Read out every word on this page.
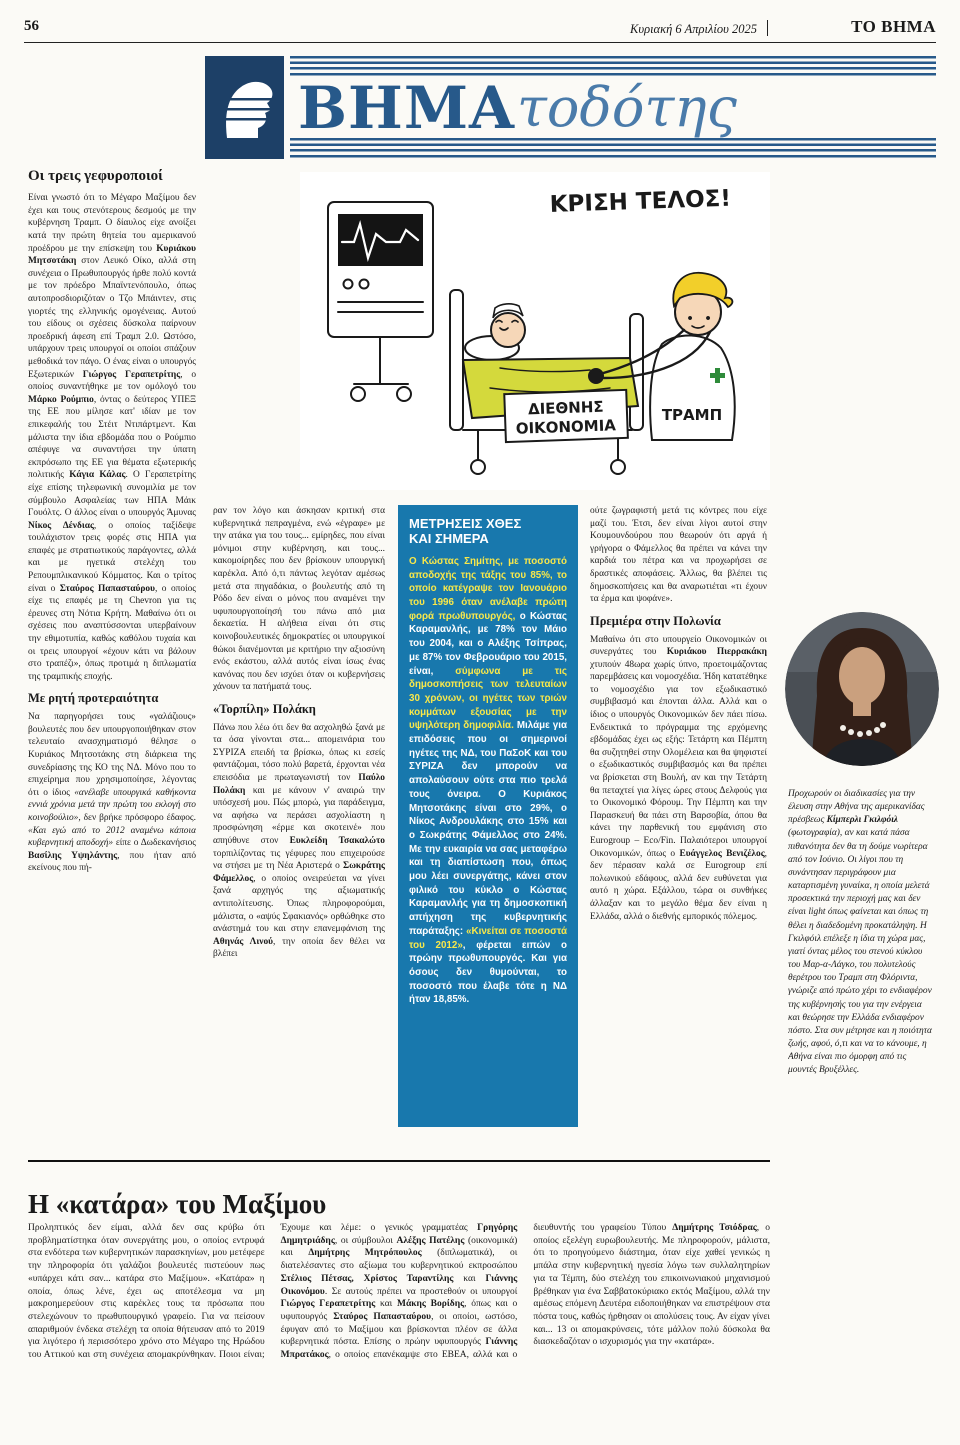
56	Κυριακή 6 Απριλίου 2025	ΤΟ ΒΗΜΑ
ΒΗΜΑ τοδότης
Οι τρεις γεφυροποιοί

Είναι γνωστό ότι το Μέγαρο Μαξίμου δεν έχει και τους στενότερους δεσμούς με την κυβέρνηση Τραμπ. Ο δίαυλος είχε ανοίξει κατά την πρώτη θητεία του αμερικανού προέδρου με την επίσκεψη του Κυριάκου Μητσοτάκη στον Λευκό Οίκο, αλλά στη συνέχεια ο Πρωθυπουργός ήρθε πολύ κοντά με τον πρόεδρο Μπαϊντενόπουλο, όπως αυτοπροσδιοριζόταν ο Τζο Μπάιντεν, στις γιορτές της ελληνικής ομογένειας. Αυτού του είδους οι σχέσεις δύσκολα παίρνουν προεδρική άφεση επί Τραμπ 2.0. Ωστόσο, υπάρχουν τρεις υπουργοί οι οποίοι σπάζουν μεθοδικά τον πάγο. Ο ένας είναι ο υπουργός Εξωτερικών Γιώργος Γεραπετρίτης, ο οποίος συναντήθηκε με τον ομόλογό του Μάρκο Ρούμπιο, όντας ο δεύτερος ΥΠΕΞ της ΕΕ που μίλησε κατ' ιδίαν με τον επικεφαλής του Στέιτ Ντιπάρτμεντ. Και μάλιστα την ίδια εβδομάδα που ο Ρούμπιο απέφυγε να συναντήσει την ύπατη εκπρόσωπο της ΕΕ για θέματα εξωτερικής πολιτικής Κάγια Κάλας. Ο Γεραπετρίτης είχε επίσης τηλεφωνική συνομιλία με τον σύμβουλο Ασφαλείας των ΗΠΑ Μάικ Γουόλτς. Ο άλλος είναι ο υπουργός Άμυνας Νίκος Δένδιας, ο οποίος ταξίδεψε τουλάχιστον τρεις φορές στις ΗΠΑ για επαφές με στρατιωτικούς παράγοντες, αλλά και με ηγετικά στελέχη του Ρεπουμπλικανικού Κόμματος. Και ο τρίτος είναι ο Σταύρος Παπασταύρου, ο οποίος είχε τις επαφές με τη Chevron για τις έρευνες στη Νότια Κρήτη. Μαθαίνω ότι οι σχέσεις που αναπτύσσονται υπερβαίνουν την εθιμοτυπία, καθώς καθόλου τυχαία και οι τρεις υπουργοί «έχουν κάτι να βάλουν στο τραπέζι», όπως προτιμά η διπλωματία της τραμπικής εποχής.

Με ρητή προτεραιότητα

Να παρηγορήσει τους «γαλάζιους» βουλευτές που δεν υπουργοποιήθηκαν στον τελευταίο ανασχηματισμό θέλησε ο Κυριάκος Μητσοτάκης στη διάρκεια της συνεδρίασης της ΚΟ της ΝΔ. Μόνο που το επιχείρημα που χρησιμοποίησε, λέγοντας ότι ο ίδιος «ανέλαβε υπουργικά καθήκοντα εννιά χρόνια μετά την πρώτη του εκλογή στο κοινοβούλιο», δεν βρήκε πρόσφορο έδαφος. «Και εγώ από το 2012 αναμένω κάποια κυβερνητική αποδοχή» είπε ο Δωδεκανήσιος Βασίλης Υψηλάντης, που ήταν από εκείνους που πή-

ΚΡΙΣΗ ΤΕΛΟΣ!
ΔΙΕΘΝΗΣ
ΟΙΚΟΝΟΜΙΑ
ΤΡΑΜΠ

ραν τον λόγο και άσκησαν κριτική στα κυβερνητικά πεπραγμένα, ενώ «έγραφε» με την ατάκα για του τους... εμίρηδες, που είναι μόνιμοι στην κυβέρνηση, και τους... κακομοίρηδες που δεν βρίσκουν υπουργική καρέκλα. Από ό,τι πάντως λεγόταν αμέσως μετά στα πηγαδάκια, ο βουλευτής από τη Ρόδο δεν είναι ο μόνος που αναμένει την υφυπουργοποίησή του πάνω από μια δεκαετία. Η αλήθεια είναι ότι στις κοινοβουλευτικές δημοκρατίες οι υπουργικοί θώκοι διανέμονται με κριτήριο την αξιοσύνη ενός εκάστου, αλλά αυτός είναι ίσως ένας κανόνας που δεν ισχύει όταν οι κυβερνήσεις χάνουν τα πατήματά τους.

«Τορπίλη» Πολάκη

Πάνω που λέω ότι δεν θα ασχοληθώ ξανά με τα όσα γίνονται στα... απομεινάρια του ΣΥΡΙΖΑ επειδή τα βρίσκω, όπως κι εσείς φαντάζομαι, τόσο πολύ βαρετά, έρχονται νέα επεισόδια με πρωταγωνιστή τον Παύλο Πολάκη και με κάνουν ν' αναιρώ την υπόσχεσή μου. Πώς μπορώ, για παράδειγμα, να αφήσω να περάσει ασχολίαστη η προσφώνηση «έρμε και σκοτεινέ» που απηύθυνε στον Ευκλείδη Τσακαλώτο τορπιλίζοντας τις γέφυρες που επιχειρούσε να στήσει με τη Νέα Αριστερά ο Σωκράτης Φάμελλος, ο οποίος ονειρεύεται να γίνει ξανά αρχηγός της αξιωματικής αντιπολίτευσης. Όπως πληροφορούμαι, μάλιστα, ο «αψύς Σφακιανός» ορθώθηκε στο ανάστημά του και στην επανεμφάνιση της Αθηνάς Λινού, την οποία δεν θέλει να βλέπει

ΜΕΤΡΗΣΕΙΣ ΧΘΕΣ
ΚΑΙ ΣΗΜΕΡΑ
Ο Κώστας Σημίτης, με ποσοστό αποδοχής της τάξης του 85%, το οποίο κατέγραψε τον Ιανουάριο του 1996 όταν ανέλαβε πρώτη φορά πρωθυπουργός, ο Κώστας Καραμανλής, με 78% τον Μάιο του 2004, και ο Αλέξης Τσίπρας, με 87% τον Φεβρουάριο του 2015, είναι, σύμφωνα με τις δημοσκοπήσεις των τελευταίων 30 χρόνων, οι ηγέτες των τριών κομμάτων εξουσίας με την υψηλότερη δημοφιλία. Μιλάμε για επιδόσεις που οι σημερινοί ηγέτες της ΝΔ, του ΠαΣοΚ και του ΣΥΡΙΖΑ δεν μπορούν να απολαύσουν ούτε στα πιο τρελά τους όνειρα. Ο Κυριάκος Μητσοτάκης είναι στο 29%, ο Νίκος Ανδρουλάκης στο 15% και ο Σωκράτης Φάμελλος στο 24%. Με την ευκαιρία να σας μεταφέρω και τη διαπίστωση που, όπως μου λέει συνεργάτης, κάνει στον φιλικό του κύκλο ο Κώστας Καραμανλής για τη δημοσκοπική απήχηση της κυβερνητικής παράταξης: «Κινείται σε ποσοστά του 2012», φέρεται ειπών ο πρώην πρωθυπουργός. Και για όσους δεν θυμούνται, το ποσοστό που έλαβε τότε η ΝΔ ήταν 18,85%.

ούτε ζωγραφιστή μετά τις κόντρες που είχε μαζί του. Έτσι, δεν είναι λίγοι αυτοί στην Κουμουνδούρου που θεωρούν ότι αργά ή γρήγορα ο Φάμελλος θα πρέπει να κάνει την καρδιά του πέτρα και να προχωρήσει σε δραστικές αποφάσεις. Άλλως, θα βλέπει τις δημοσκοπήσεις και θα αναρωτιέται «τι έχουν τα έρμα και ψοφάνε».

Πρεμιέρα στην Πολωνία

Μαθαίνω ότι στο υπουργείο Οικονομικών οι συνεργάτες του Κυριάκου Πιερρακάκη χτυπούν 48ωρα χωρίς ύπνο, προετοιμάζοντας παρεμβάσεις και νομοσχέδια. Ήδη κατατέθηκε το νομοσχέδιο για τον εξωδικαστικό συμβιβασμό και έπονται άλλα. Αλλά και ο ίδιος ο υπουργός Οικονομικών δεν πάει πίσω. Ενδεικτικά το πρόγραμμα της ερχόμενης εβδομάδας έχει ως εξής: Τετάρτη και Πέμπτη θα συζητηθεί στην Ολομέλεια και θα ψηφιστεί ο εξωδικαστικός συμβιβασμός και θα πρέπει να βρίσκεται στη Βουλή, αν και την Τετάρτη θα πεταχτεί για λίγες ώρες στους Δελφούς για το Οικονομικό Φόρουμ. Την Πέμπτη και την Παρασκευή θα πάει στη Βαρσοβία, όπου θα κάνει την παρθενική του εμφάνιση στο Eurogroup – Eco/Fin. Παλαιότεροι υπουργοί Οικονομικών, όπως ο Ευάγγελος Βενιζέλος, δεν πέρασαν καλά σε Eurogroup επί πολωνικού εδάφους, αλλά δεν ευθύνεται για αυτό η χώρα. Εξάλλου, τώρα οι συνθήκες άλλαξαν και το μεγάλο θέμα δεν είναι η Ελλάδα, αλλά ο διεθνής εμπορικός πόλεμος.

Προχωρούν οι διαδικασίες για την έλευση στην Αθήνα της αμερικανίδας πρέσβεως Κίμπερλι Γκιλφόιλ (φωτογραφία), αν και κατά πάσα πιθανότητα δεν θα τη δούμε νωρίτερα από τον Ιούνιο. Οι λίγοι που τη συνάντησαν περιγράφουν μια καταρτισμένη γυναίκα, η οποία μελετά προσεκτικά την περιοχή μας και δεν είναι light όπως φαίνεται και όπως τη θέλει η διαδεδομένη προκατάληψη. Η Γκιλφόιλ επέλεξε η ίδια τη χώρα μας, γιατί όντας μέλος του στενού κύκλου του Μαρ-α-Λάγκο, του πολυτελούς θερέτρου του Τραμπ στη Φλόριντα, γνώριζε από πρώτο χέρι το ενδιαφέρον της κυβέρνησής του για την ενέργεια και θεώρησε την Ελλάδα ενδιαφέρον πόστο. Στα συν μέτρησε και η ποιότητα ζωής, αφού, ό,τι και να το κάνουμε, η Αθήνα είναι πιο όμορφη από τις μουντές Βρυξέλλες.
Η «κατάρα» του Μαξίμου
Προληπτικός δεν είμαι, αλλά δεν σας κρύβω ότι προβληματίστηκα όταν συνεργάτης μου, ο οποίος εντρυφά στα ενδότερα των κυβερνητικών παρασκηνίων, μου μετέφερε την πληροφορία ότι γαλάζιοι βουλευτές πιστεύουν πως «υπάρχει κάτι σαν... κατάρα στο Μαξίμου». «Κατάρα» η οποία, όπως λένε, έχει ως αποτέλεσμα να μη μακροημερεύουν στις καρέκλες τους τα πρόσωπα που στελεχώνουν το πρωθυπουργικό γραφείο. Για να πείσουν απαριθμούν ένδεκα στελέχη τα οποία θήτευσαν από το 2019 για λιγότερο ή περισσότερο χρόνο στο Μέγαρο της Ηρώδου του Αττικού και στη συνέχεια απομακρύνθηκαν. Ποιοι είναι; Έχουμε και λέμε: ο γενικός γραμματέας Γρηγόρης Δημητριάδης, οι σύμβουλοι Αλέξης Πατέλης (οικονομικά) και Δημήτρης Μητρόπουλος (διπλωματικά), οι διατελέσαντες στο αξίωμα του κυβερνητικού εκπροσώπου Στέλιος Πέτσας, Χρίστος Ταραντίλης και Γιάννης Οικονόμου. Σε αυτούς πρέπει να προστεθούν οι υπουργοί Γιώργος Γεραπετρίτης και Μάκης Βορίδης, όπως και ο υφυπουργός Σταύρος Παπασταύρου, οι οποίοι, ωστόσο, έφυγαν από το Μαξίμου και βρίσκονται πλέον σε άλλα κυβερνητικά πόστα. Επίσης ο πρώην υφυπουργός Γιάννης Μπρατάκος, ο οποίος επανέκαμψε στο ΕΒΕΑ, αλλά και ο διευθυντής του γραφείου Τύπου Δημήτρης Τσιόδρας, ο οποίος εξελέγη ευρωβουλευτής. Με πληροφορούν, μάλιστα, ότι το προηγούμενο διάστημα, όταν είχε χαθεί γενικώς η μπάλα στην κυβερνητική ηγεσία λόγω των συλλαλητηρίων για τα Τέμπη, δύο στελέχη του επικοινωνιακού μηχανισμού βρέθηκαν για ένα Σαββατοκύριακο εκτός Μαξίμου, αλλά την αμέσως επόμενη Δευτέρα ειδοποιήθηκαν να επιστρέψουν στα πόστα τους, καθώς ήρθησαν οι απολύσεις τους. Αν είχαν γίνει και... 13 οι απομακρύνσεις, τότε μάλλον πολύ δύσκολα θα διασκεδαζόταν ο ισχυρισμός για την «κατάρα».
